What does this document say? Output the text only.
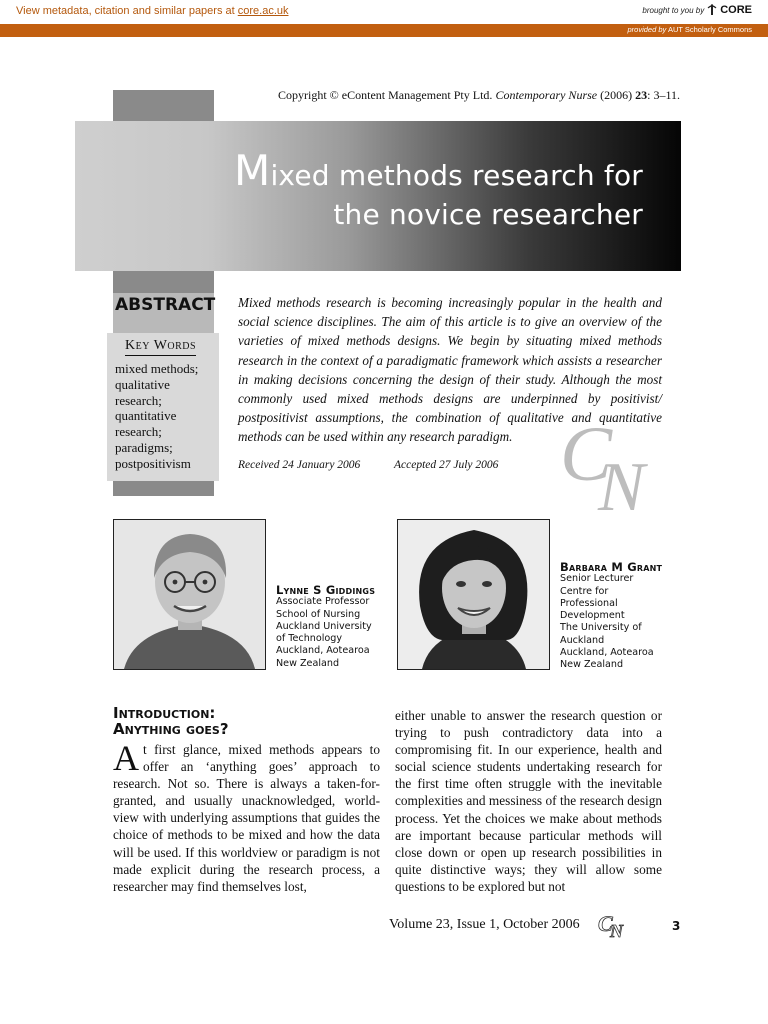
View metadata, citation and similar papers at core.ac.uk	brought to you by CORE
provided by AUT Scholarly Commons
Copyright © eContent Management Pty Ltd. Contemporary Nurse (2006) 23: 3–11.
Mixed methods research for
the novice researcher
ABSTRACT
Key Words
mixed methods;
qualitative
research;
quantitative
research;
paradigms;
postpositivism
Mixed methods research is becoming increasingly popular in the health and social science disciplines. The aim of this article is to give an overview of the varieties of mixed methods designs. We begin by situating mixed methods research in the context of a paradigmatic framework which assists a researcher in making decisions concerning the design of their study. Although the most commonly used mixed methods designs are underpinned by positivist/ postpositivist assumptions, the combination of qualitative and quantitative methods can be used within any research paradigm.
Received 24 January 2006	Accepted 27 July 2006 C
N
Lynne S Giddings
Associate Professor
School of Nursing
Auckland University
of Technology
Auckland, Aotearoa
New Zealand
Barbara M Grant
Senior Lecturer
Centre for
Professional
Development
The University of
Auckland
Auckland, Aotearoa
New Zealand
Introduction:
Anything goes?
At first glance, mixed methods appears to offer an ‘anything goes’ approach to research. Not so. There is always a taken-for-granted, and usually unacknowledged, world-view with underlying assumptions that guides the choice of methods to be mixed and how the data will be used. If this worldview or paradigm is not made explicit during the research process, a researcher may find themselves lost,
either unable to answer the research question or trying to push contradictory data into a compromising fit. In our experience, health and social science students undertaking research for the first time often struggle with the inevitable complexities and messiness of the research design process. Yet the choices we make about methods are important because particular methods will close down or open up research possibilities in quite distinctive ways; they will allow some questions to be explored but not
Volume 23, Issue 1, October 2006 C
N	3
